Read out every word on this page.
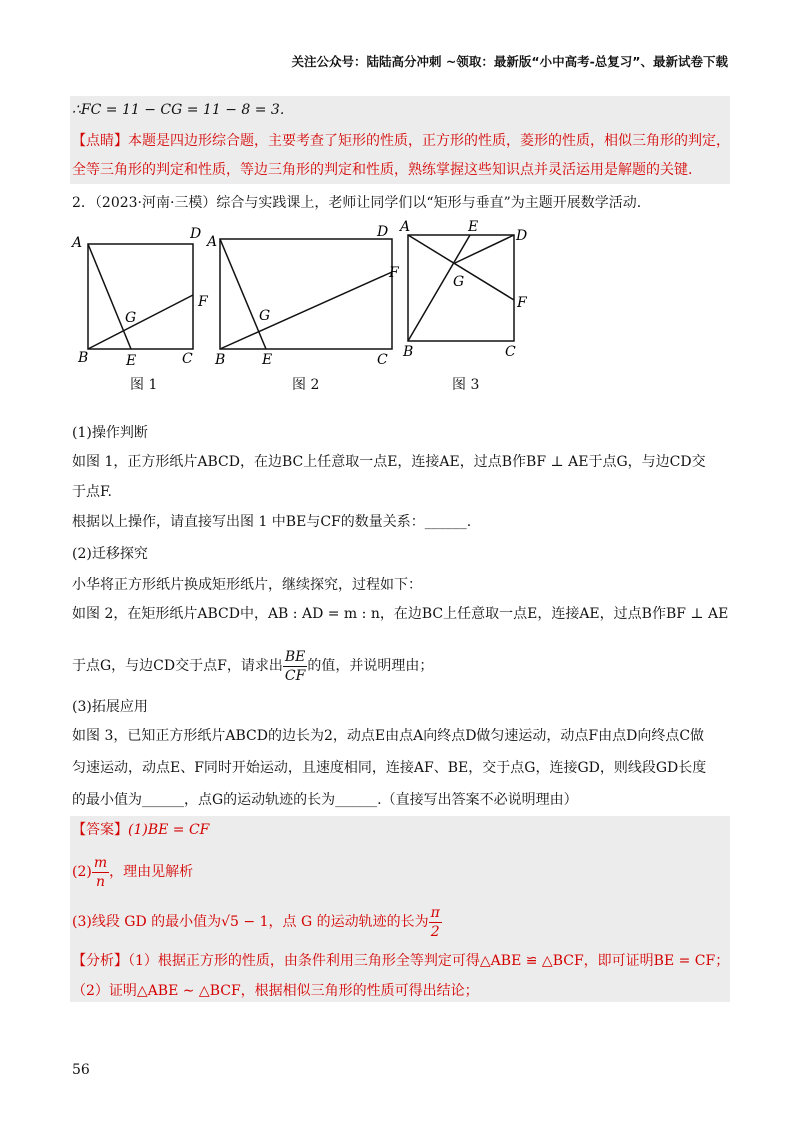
关注公众号：陆陆高分冲刺 ~领取：最新版“小中高考-总复习”、最新试卷下载
∴FC = 11 − CG = 11 − 8 = 3.
【点睛】本题是四边形综合题，主要考查了矩形的性质，正方形的性质，菱形的性质，相似三角形的判定，
全等三角形的判定和性质，等边三角形的判定和性质，熟练掌握这些知识点并灵活运用是解题的关键.
2．（2023·河南·三模）综合与实践课上，老师让同学们以“矩形与垂直”为主题开展数学活动.
A
D
B	E	C
F
G
图 1
A
D
B	E	C
F
G
图 2
A	E
D
G
F
B	C
图 3
(1)操作判断
如图 1，正方形纸片ABCD，在边BC上任意取一点E，连接AE，过点B作BF ⊥ AE于点G，与边CD交
于点F.
根据以上操作，请直接写出图 1 中BE与CF的数量关系：______.
(2)迁移探究
小华将正方形纸片换成矩形纸片，继续探究，过程如下：
如图 2，在矩形纸片ABCD中，AB : AD = m : n，在边BC上任意取一点E，连接AE，过点B作BF ⊥ AE
于点G，与边CD交于点F，请求出 $\frac{BE}{CF}$ 的值，并说明理由；
(3)拓展应用
如图 3，已知正方形纸片ABCD的边长为2，动点E由点A向终点D做匀速运动，动点F由点D向终点C做
匀速运动，动点E、F同时开始运动，且速度相同，连接AF、BE，交于点G，连接GD，则线段GD长度
的最小值为______，点G的运动轨迹的长为______.（直接写出答案不必说明理由）
【答案】(1)BE = CF
$(2) \frac{m}{n}$ ，理由见解析
(3)线段 GD 的最小值为√5 − 1，点 G 的运动轨迹的长为 $\frac{\pi}{2}$
【分析】（1）根据正方形的性质，由条件利用三角形全等判定可得△ABE ≌ △BCF，即可证明BE = CF；
（2）证明△ABE ∼ △BCF，根据相似三角形的性质可得出结论；
56
